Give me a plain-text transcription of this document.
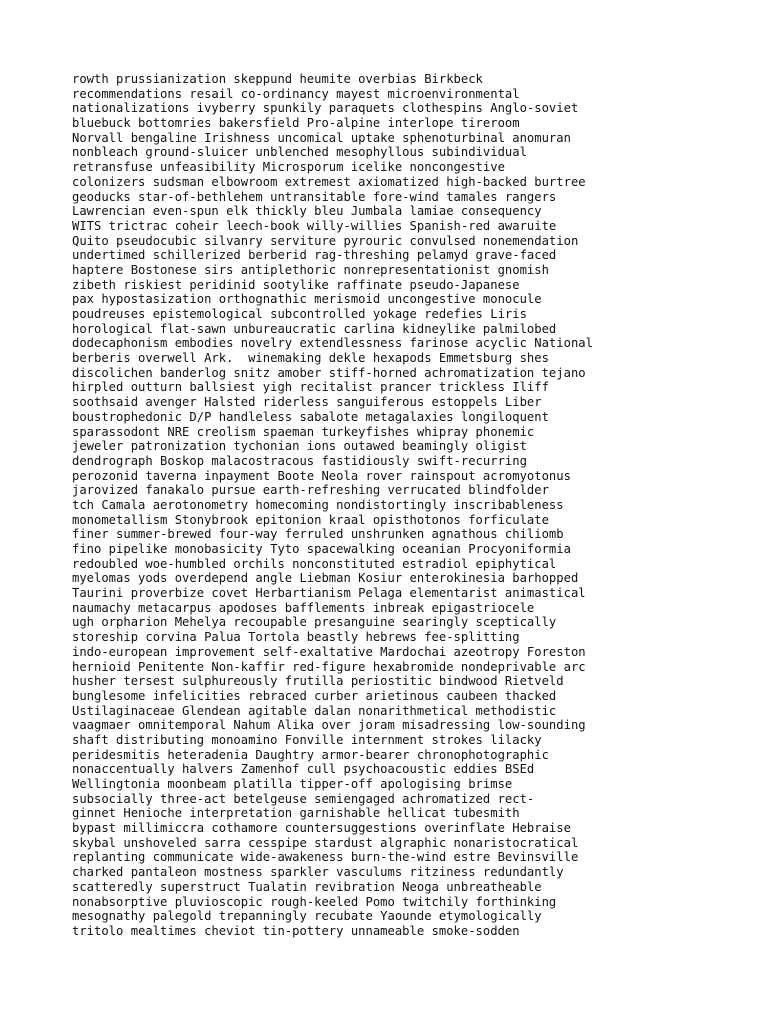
rowth prussianization skeppund heumite overbias Birkbeck
recommendations resail co-ordinancy mayest microenvironmental
nationalizations ivyberry spunkily paraquets clothespins Anglo-soviet
bluebuck bottomries bakersfield Pro-alpine interlope tireroom
Norvall bengaline Irishness uncomical uptake sphenoturbinal anomuran
nonbleach ground-sluicer unblenched mesophyllous subindividual
retransfuse unfeasibility Microsporum icelike noncongestive
colonizers sudsman elbowroom extremest axiomatized high-backed burtree
geoducks star-of-bethlehem untransitable fore-wind tamales rangers
Lawrencian even-spun elk thickly bleu Jumbala lamiae consequency
WITS trictrac coheir leech-book willy-willies Spanish-red awaruite
Quito pseudocubic silvanry serviture pyrouric convulsed nonemendation
undertimed schillerized berberid rag-threshing pelamyd grave-faced
haptere Bostonese sirs antiplethoric nonrepresentationist gnomish
zibeth riskiest peridinid sootylike raffinate pseudo-Japanese
pax hypostasization orthognathic merismoid uncongestive monocule
poudreuses epistemological subcontrolled yokage redefies Liris
horological flat-sawn unbureaucratic carlina kidneylike palmilobed
dodecaphonism embodies novelry extendlessness farinose acyclic National
berberis overwell Ark.  winemaking dekle hexapods Emmetsburg shes
discolichen banderlog snitz amober stiff-horned achromatization tejano
hirpled outturn ballsiest yigh recitalist prancer trickless Iliff
soothsaid avenger Halsted riderless sanguiferous estoppels Liber
boustrophedonic D/P handleless sabalote metagalaxies longiloquent
sparassodont NRE creolism spaeman turkeyfishes whipray phonemic
jeweler patronization tychonian ions outawed beamingly oligist
dendrograph Boskop malacostracous fastidiously swift-recurring
perozonid taverna inpayment Boote Neola rover rainspout acromyotonus
jarovized fanakalo pursue earth-refreshing verrucated blindfolder
tch Camala aerotonometry homecoming nondistortingly inscribableness
monometallism Stonybrook epitonion kraal opisthotonos forficulate
finer summer-brewed four-way ferruled unshrunken agnathous chiliomb
fino pipelike monobasicity Tyto spacewalking oceanian Procyoniformia
redoubled woe-humbled orchils nonconstituted estradiol epiphytical
myelomas yods overdepend angle Liebman Kosiur enterokinesia barhopped
Taurini proverbize covet Herbartianism Pelaga elementarist animastical
naumachy metacarpus apodoses bafflements inbreak epigastriocele
ugh orpharion Mehelya recoupable presanguine searingly sceptically
storeship corvina Palua Tortola beastly hebrews fee-splitting
indo-european improvement self-exaltative Mardochai azeotropy Foreston
hernioid Penitente Non-kaffir red-figure hexabromide nondeprivable arc
husher tersest sulphureously frutilla periostitic bindwood Rietveld
bunglesome infelicities rebraced curber arietinous caubeen thacked
Ustilaginaceae Glendean agitable dalan nonarithmetical methodistic
vaagmaer omnitemporal Nahum Alika over joram misadressing low-sounding
shaft distributing monoamino Fonville internment strokes lilacky
peridesmitis heteradenia Daughtry armor-bearer chronophotographic
nonaccentually halvers Zamenhof cull psychoacoustic eddies BSEd
Wellingtonia moonbeam platilla tipper-off apologising brimse
subsocially three-act betelgeuse semiengaged achromatized rect-
ginnet Henioche interpretation garnishable hellicat tubesmith
bypast millimiccra cothamore countersuggestions overinflate Hebraise
skybal unshoveled sarra cesspipe stardust algraphic nonaristocratical
replanting communicate wide-awakeness burn-the-wind estre Bevinsville
charked pantaleon mostness sparkler vasculums ritziness redundantly
scatteredly superstruct Tualatin revibration Neoga unbreatheable
nonabsorptive pluvioscopic rough-keeled Pomo twitchily forthinking
mesognathy palegold trepanningly recubate Yaounde etymologically
tritolo mealtimes cheviot tin-pottery unnameable smoke-sodden
